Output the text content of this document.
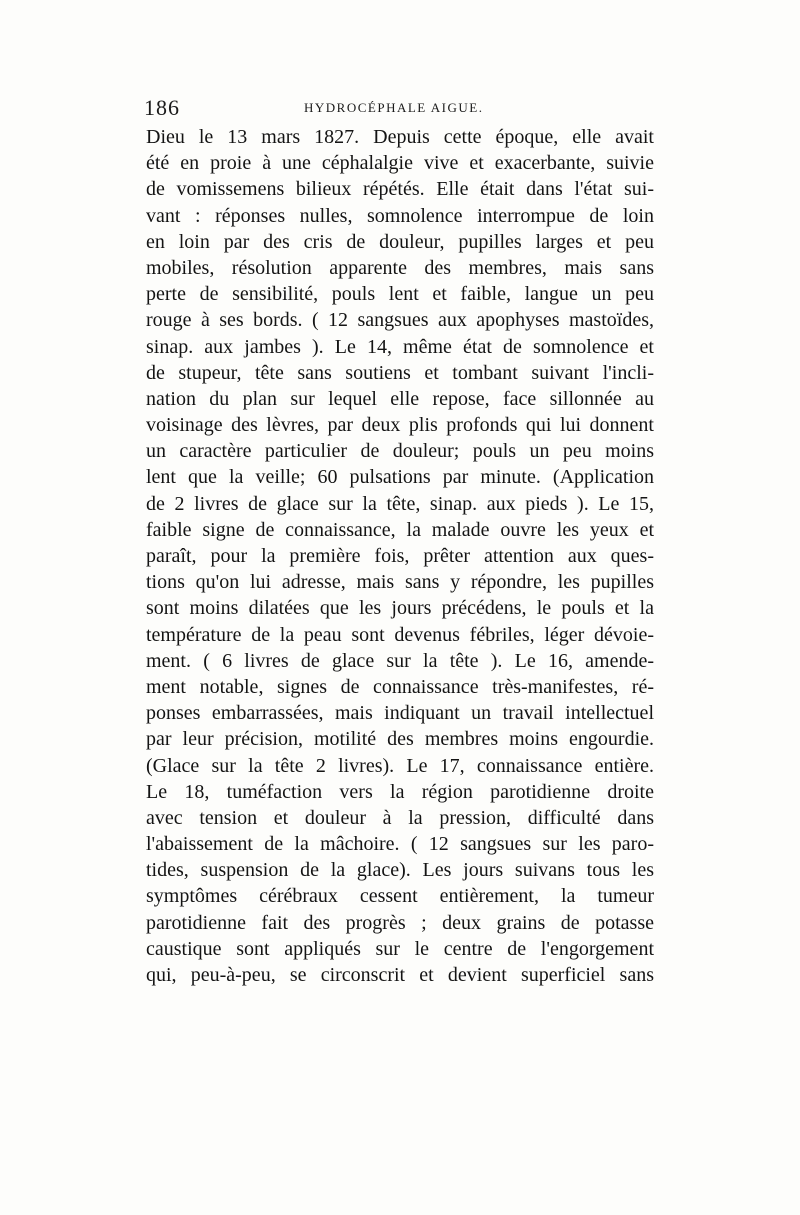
186	HYDROCÉPHALE AIGUE.
Dieu le 13 mars 1827. Depuis cette époque, elle avait
été en proie à une céphalalgie vive et exacerbante, suivie
de vomissemens bilieux répétés. Elle était dans l'état sui-
vant : réponses nulles, somnolence interrompue de loin
en loin par des cris de douleur, pupilles larges et peu
mobiles, résolution apparente des membres, mais sans
perte de sensibilité, pouls lent et faible, langue un peu
rouge à ses bords. ( 12 sangsues aux apophyses mastoïdes,
sinap. aux jambes ). Le 14, même état de somnolence et
de stupeur, tête sans soutiens et tombant suivant l'incli-
nation du plan sur lequel elle repose, face sillonnée au
voisinage des lèvres, par deux plis profonds qui lui donnent
un caractère particulier de douleur; pouls un peu moins
lent que la veille; 60 pulsations par minute. (Application
de 2 livres de glace sur la tête, sinap. aux pieds ). Le 15,
faible signe de connaissance, la malade ouvre les yeux et
paraît, pour la première fois, prêter attention aux ques-
tions qu'on lui adresse, mais sans y répondre, les pupilles
sont moins dilatées que les jours précédens, le pouls et la
température de la peau sont devenus fébriles, léger dévoie-
ment. ( 6 livres de glace sur la tête ). Le 16, amende-
ment notable, signes de connaissance très-manifestes, ré-
ponses embarrassées, mais indiquant un travail intellectuel
par leur précision, motilité des membres moins engourdie.
(Glace sur la tête 2 livres). Le 17, connaissance entière.
Le 18, tuméfaction vers la région parotidienne droite
avec tension et douleur à la pression, difficulté dans
l'abaissement de la mâchoire. ( 12 sangsues sur les paro-
tides, suspension de la glace). Les jours suivans tous les
symptômes cérébraux cessent entièrement, la tumeur
parotidienne fait des progrès ; deux grains de potasse
caustique sont appliqués sur le centre de l'engorgement
qui, peu-à-peu, se circonscrit et devient superficiel sans
